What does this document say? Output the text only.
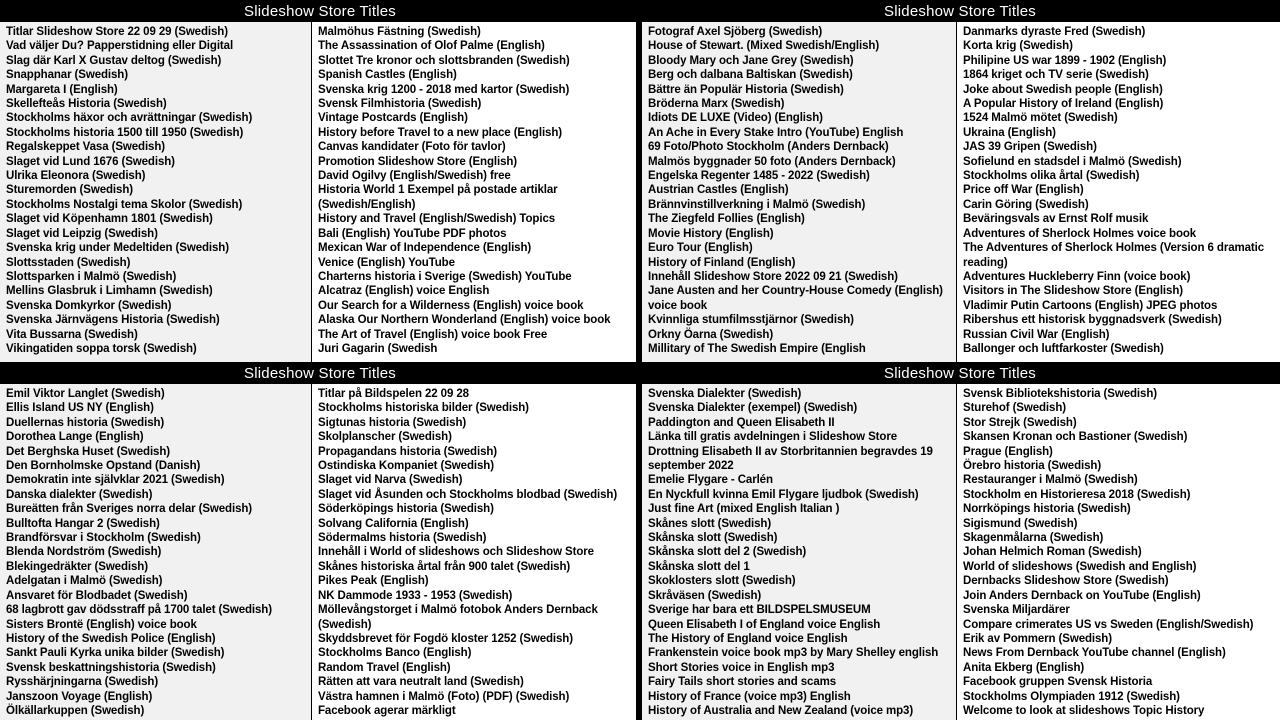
Slideshow Store Titles	Slideshow Store Titles
Titlar Slideshow Store 22 09 29 (Swedish)
Vad väljer Du? Papperstidning eller Digital
Slag där Karl X Gustav deltog (Swedish)
Snapphanar (Swedish)
Margareta I (English)
Skellefteås Historia (Swedish)
Stockholms häxor och avrättningar (Swedish)
Stockholms historia 1500 till 1950 (Swedish)
Regalskeppet Vasa (Swedish)
Slaget vid Lund 1676 (Swedish)
Ulrika Eleonora (Swedish)
Sturemorden (Swedish)
Stockholms Nostalgi tema Skolor (Swedish)
Slaget vid Köpenhamn 1801 (Swedish)
Slaget vid Leipzig (Swedish)
Svenska krig under Medeltiden (Swedish)
Slottsstaden (Swedish)
Slottsparken i Malmö (Swedish)
Mellins Glasbruk i Limhamn (Swedish)
Svenska Domkyrkor (Swedish)
Svenska Järnvägens Historia (Swedish)
Vita Bussarna (Swedish)
Vikingatiden soppa torsk (Swedish)
Malmöhus Fästning (Swedish)
The Assassination of Olof Palme (English)
Slottet Tre kronor och slottsbranden (Swedish)
Spanish Castles (English)
Svenska krig 1200 - 2018 med kartor (Swedish)
Svensk Filmhistoria (Swedish)
Vintage Postcards (English)
History before Travel to a new place (English)
Canvas kandidater (Foto för tavlor)
Promotion Slideshow Store (English)
David Ogilvy (English/Swedish) free
Historia World 1 Exempel på postade artiklar (Swedish/English)
History and Travel (English/Swedish) Topics
Bali (English) YouTube PDF photos
Mexican War of Independence (English)
Venice (English) YouTube
Charterns historia i Sverige (Swedish) YouTube
Alcatraz (English) voice English
Our Search for a Wilderness (English) voice book
Alaska Our Northern Wonderland (English) voice book
The Art of Travel (English) voice book Free
Juri Gagarin (Swedish
Fotograf Axel Sjöberg (Swedish)
House of Stewart. (Mixed Swedish/English)
Bloody Mary och Jane Grey (Swedish)
Berg och dalbana Baltiskan (Swedish)
Bättre än Populär Historia (Swedish)
Bröderna Marx (Swedish)
Idiots DE LUXE (Video) (English)
An Ache in Every Stake Intro (YouTube) English
69 Foto/Photo Stockholm (Anders Dernback)
Malmös byggnader 50 foto (Anders Dernback)
Engelska Regenter 1485 - 2022 (Swedish)
Austrian Castles (English)
Brännvinstillverkning i Malmö (Swedish)
The Ziegfeld Follies (English)
Movie History (English)
Euro Tour (English)
History of Finland (English)
Innehåll Slideshow Store 2022 09 21 (Swedish)
Jane Austen and her Country-House Comedy (English) voice book
Kvinnliga stumfilmsstjärnor (Swedish)
Orkny Öarna (Swedish)
Millitary of The Swedish Empire (English
Danmarks dyraste Fred (Swedish)
Korta krig (Swedish)
Philipine US war 1899 - 1902 (English)
1864 kriget och TV serie (Swedish)
Joke about Swedish people (English)
A Popular History of Ireland (English)
1524 Malmö mötet (Swedish)
Ukraina (English)
JAS 39 Gripen (Swedish)
Sofielund en stadsdel i Malmö (Swedish)
Stockholms olika årtal (Swedish)
Price off War (English)
Carin Göring (Swedish)
Beväringsvals av Ernst Rolf musik
Adventures of Sherlock Holmes voice book
The Adventures of Sherlock Holmes (Version 6 dramatic reading)
Adventures Huckleberry Finn (voice book)
Visitors in The Slideshow Store (English)
Vladimir Putin Cartoons (English) JPEG photos
Ribershus ett historisk byggnadsverk (Swedish)
Russian Civil War (English)
Ballonger och luftfarkoster (Swedish)
Slideshow Store Titles	Slideshow Store Titles
Emil Viktor Langlet (Swedish)
Ellis Island US NY (English)
Duellernas historia (Swedish)
Dorothea Lange (English)
Det Berghska Huset (Swedish)
Den Bornholmske Opstand (Danish)
Demokratin inte självklar 2021 (Swedish)
Danska dialekter (Swedish)
Bureätten från Sveriges norra delar (Swedish)
Bulltofta Hangar 2 (Swedish)
Brandförsvar i Stockholm (Swedish)
Blenda Nordström (Swedish)
Blekingedräkter (Swedish)
Adelgatan i Malmö (Swedish)
Ansvaret för Blodbadet (Swedish)
68 lagbrott gav dödsstraff på 1700 talet (Swedish)
Sisters Brontë (English) voice book
History of the Swedish Police (English)
Sankt Pauli Kyrka unika bilder (Swedish)
Svensk beskattningshistoria (Swedish)
Rysshärjningarna (Swedish)
Janszoon Voyage (English)
Ölkällarkuppen (Swedish)
Titlar på Bildspelen 22 09 28
Stockholms historiska bilder (Swedish)
Sigtunas historia (Swedish)
Skolplanscher (Swedish)
Propagandans historia (Swedish)
Ostindiska Kompaniet (Swedish)
Slaget vid Narva (Swedish)
Slaget vid Åsunden och Stockholms blodbad (Swedish)
Söderköpings historia (Swedish)
Solvang California (English)
Södermalms historia (Swedish)
Innehåll i World of slideshows och Slideshow Store
Skånes historiska årtal från 900 talet (Swedish)
Pikes Peak (English)
NK Dammode 1933 - 1953 (Swedish)
Möllevångstorget i Malmö fotobok Anders Dernback (Swedish)
Skyddsbrevet för Fogdö kloster 1252 (Swedish)
Stockholms Banco (English)
Random Travel (English)
Rätten att vara neutralt land (Swedish)
Västra hamnen i Malmö (Foto) (PDF) (Swedish)
Facebook agerar märkligt
Svenska Dialekter (Swedish)
Svenska Dialekter (exempel) (Swedish)
Paddington and Queen Elisabeth II
Länka till gratis avdelningen i Slideshow Store
Drottning Elisabeth II av Storbritannien begravdes 19 september 2022
Emelie Flygare - Carlén
En Nyckfull kvinna Emil Flygare ljudbok (Swedish)
Just fine Art (mixed English Italian )
Skånes slott (Swedish)
Skånska slott (Swedish)
Skånska slott del 2 (Swedish)
Skånska slott del 1
Skoklosters slott (Swedish)
Skråväsen (Swedish)
Sverige har bara ett BILDSPELSMUSEUM
Queen Elisabeth I of England voice English
The History of England voice English
Frankenstein voice book mp3 by Mary Shelley english
Short Stories voice in English mp3
Fairy Tails short stories and scams
History of France (voice mp3) English
History of Australia and New Zealand (voice mp3)
Svensk Bibliotekshistoria (Swedish)
Sturehof (Swedish)
Stor Strejk (Swedish)
Skansen Kronan och Bastioner (Swedish)
Prague (English)
Örebro historia (Swedish)
Restauranger i Malmö (Swedish)
Stockholm en Historieresa 2018 (Swedish)
Norrköpings historia (Swedish)
Sigismund (Swedish)
Skagenmålarna (Swedish)
Johan Helmich Roman (Swedish)
World of slideshows (Swedish and English)
Dernbacks Slideshow Store (Swedish)
Join Anders Dernback on YouTube (English)
Svenska Miljardärer
Compare crimerates US vs Sweden (English/Swedish)
Erik av Pommern (Swedish)
News From Dernback YouTube channel (English)
Anita Ekberg (English)
Facebook gruppen Svensk Historia
Stockholms Olympiaden 1912 (Swedish)
Welcome to look at slideshows Topic History
